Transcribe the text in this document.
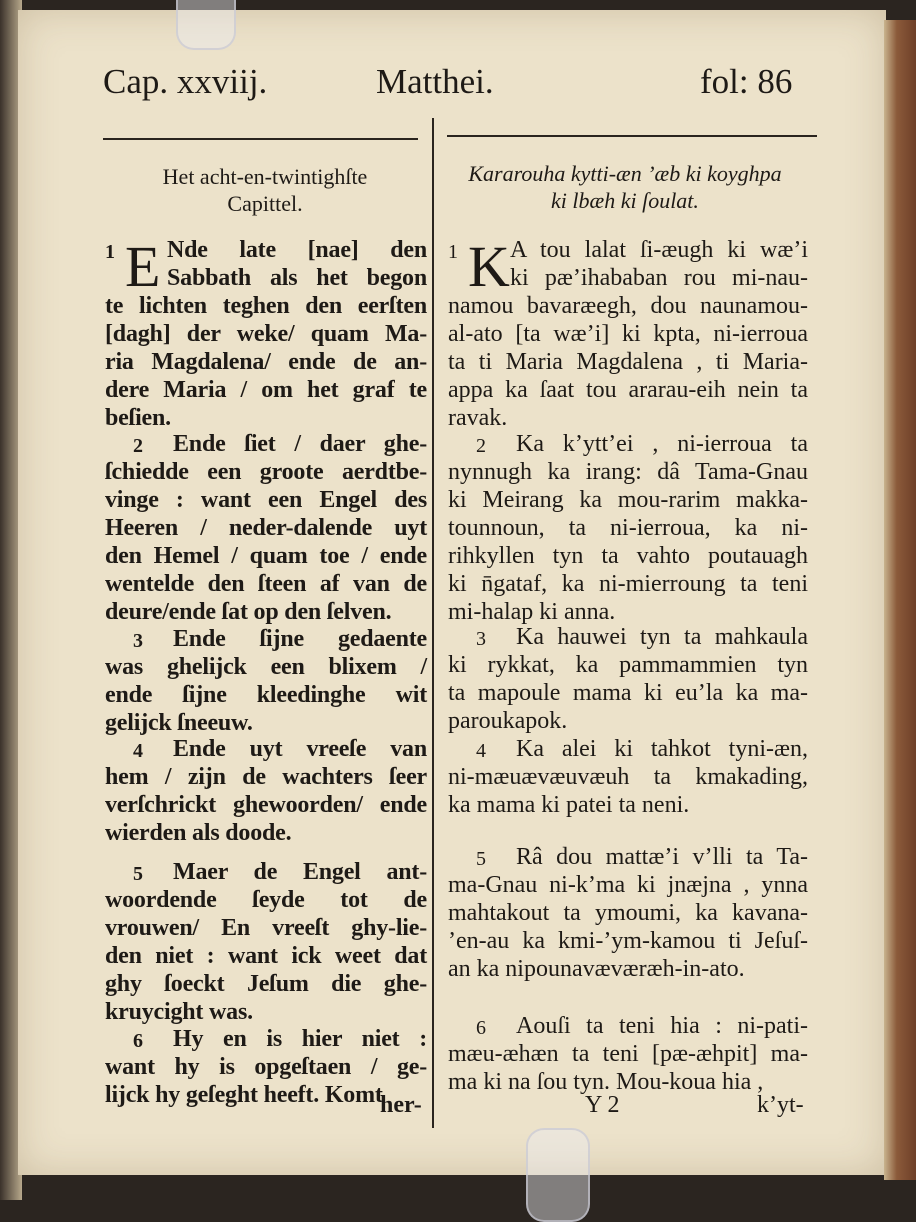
Cap. xxviij.	Matthei.	fol: 86
Het acht-en-twintighſte
Capittel.
her-
1 E Nde late [nae] den
Sabbath als het begon
te lichten teghen den eerſten
[dagh] der weke/ quam Ma-
ria Magdalena/ ende de an-
dere Maria / om het graf te
beſien.
2	Ende ſiet / daer ghe-
ſchiedde een groote aerdtbe-
vinge : want een Engel des
Heeren / neder-dalende uyt
den Hemel / quam toe / ende
wentelde den ſteen af van de
deure/ende ſat op den ſelven.
3	Ende ſijne gedaente
was ghelijck een blixem /
ende ſijne kleedinghe wit
gelijck ſneeuw.
4	Ende uyt vreeſe van
hem / zijn de wachters ſeer
verſchrickt ghewoorden/ ende
wierden als doode.
5	Maer de Engel ant-
woordende ſeyde tot de
vrouwen/ En vreeſt ghy-lie-
den niet : want ick weet dat
ghy ſoeckt Jeſum die ghe-
kruycight was.
6	Hy en is hier niet :
want hy is opgeſtaen / ge-
lijck hy geſeght heeft. Komt
Kararouha kytti-æn ’æb ki koyghpa
ki lbæh ki ſoulat.
Y 2	k’yt-
1 K A tou lalat ſi-æugh ki wæ’i
ki pæ’ihababan rou mi-nau-
namou bavaræegh, dou naunamou-
al-ato [ta wæ’i] ki kpta, ni-ierroua
ta ti Maria Magdalena , ti Maria-
appa ka ſaat tou ararau-eih nein ta
ravak.
2	Ka k’ytt’ei , ni-ierroua ta
nynnugh ka irang: dâ Tama-Gnau
ki Meirang ka mou-rarim makka-
tounnoun, ta ni-ierroua, ka ni-
rihkyllen tyn ta vahto poutauagh
ki n̄gataf, ka ni-mierroung ta teni
mi-halap ki anna.
3	Ka hauwei tyn ta mahkaula
ki rykkat, ka pammammien tyn
ta mapoule mama ki eu’la ka ma-
paroukapok.
4	Ka alei ki tahkot tyni-æn,
ni-mæuævæuvæuh ta kmakading,
ka mama ki patei ta neni.
5	Râ dou mattæ’i v’lli ta Ta-
ma-Gnau ni-k’ma ki jnæjna , ynna
mahtakout ta ymoumi, ka kavana-
’en-au ka kmi-’ym-kamou ti Jeſuſ-
an ka nipounavæværæh-in-ato.
6	Aouſi ta teni hia : ni-pati-
mæu-æhæn ta teni [pæ-æhpit] ma-
ma ki na ſou tyn. Mou-koua hia ,
